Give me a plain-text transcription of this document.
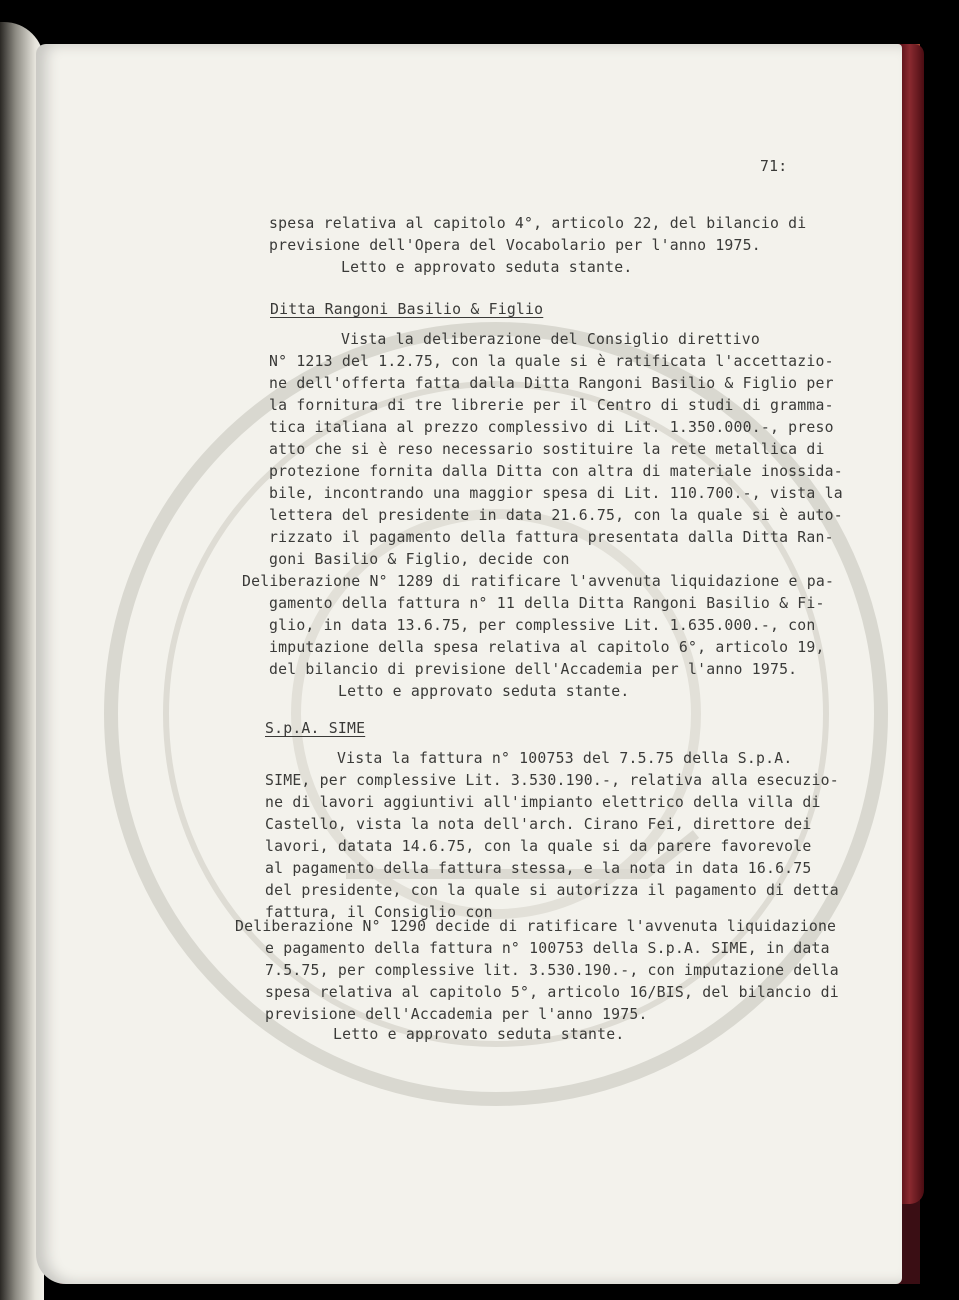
71:

spesa relativa al capitolo 4°, articolo 22, del bilancio di

previsione dell'Opera del Vocabolario per l'anno 1975.

Letto e approvato seduta stante.

Ditta Rangoni Basilio & Figlio

Vista la deliberazione del Consiglio direttivo

N° 1213 del 1.2.75, con la quale si è ratificata l'accettazio-

ne dell'offerta fatta dalla Ditta Rangoni Basilio & Figlio per

la fornitura di tre librerie per il Centro di studi di gramma-

tica italiana al prezzo complessivo di Lit. 1.350.000.-, preso

atto che si è reso necessario sostituire la rete metallica di

protezione fornita dalla Ditta con altra di materiale inossida-

bile, incontrando una maggior spesa di Lit. 110.700.-, vista la

lettera del presidente in data 21.6.75, con la quale si è auto-

rizzato il pagamento della fattura presentata dalla Ditta Ran-

goni Basilio & Figlio, decide con

Deliberazione N° 1289 di ratificare l'avvenuta liquidazione e pa-

gamento della fattura n° 11 della Ditta Rangoni Basilio & Fi-

glio, in data 13.6.75, per complessive Lit. 1.635.000.-, con

imputazione della spesa relativa al capitolo 6°, articolo 19,

del bilancio di previsione dell'Accademia per l'anno 1975.

Letto e approvato seduta stante.

S.p.A. SIME

Vista la fattura n° 100753 del 7.5.75 della S.p.A.

SIME, per complessive Lit. 3.530.190.-, relativa alla esecuzio-

ne di lavori aggiuntivi all'impianto elettrico della villa di

Castello, vista la nota dell'arch. Cirano Fei, direttore dei

lavori, datata 14.6.75, con la quale si da parere favorevole

al pagamento della fattura stessa, e la nota in data 16.6.75

del presidente, con la quale si autorizza il pagamento di detta

fattura, il Consiglio con

Deliberazione N° 1290 decide di ratificare l'avvenuta liquidazione

e pagamento della fattura n° 100753 della S.p.A. SIME, in data

7.5.75, per complessive lit. 3.530.190.-, con imputazione della

spesa relativa al capitolo 5°, articolo 16/BIS, del bilancio di

previsione dell'Accademia per l'anno 1975.

Letto e approvato seduta stante.
